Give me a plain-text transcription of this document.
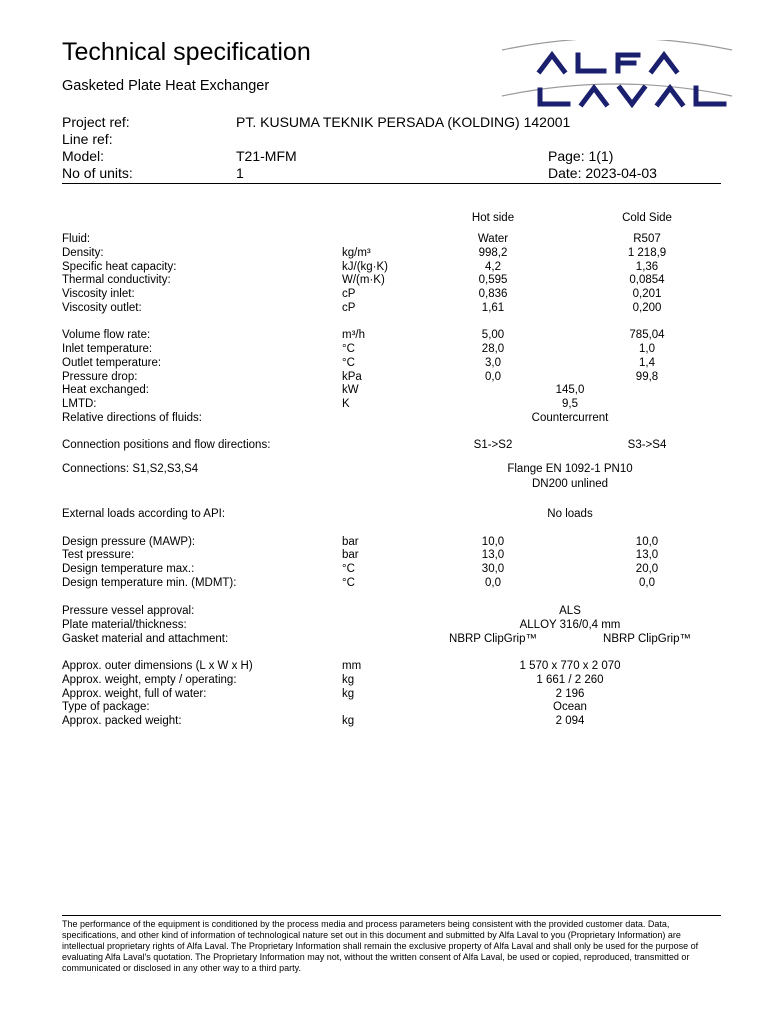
Technical specification
Gasketed Plate Heat Exchanger
Project ref:	PT. KUSUMA TEKNIK PERSADA (KOLDING) 142001
Line ref:
Model:	T21-MFM	Page: 1(1)
No of units:	1	Date: 2023-04-03
Hot side	Cold Side
Fluid:	Water	R507
Density:	kg/m³	998,2	1 218,9
Specific heat capacity:	kJ/(kg·K)	4,2	1,36
Thermal conductivity:	W/(m·K)	0,595	0,0854
Viscosity inlet:	cP	0,836	0,201
Viscosity outlet:	cP	1,61	0,200
Volume flow rate:	m³/h	5,00	785,04
Inlet temperature:	°C	28,0	1,0
Outlet temperature:	°C	3,0	1,4
Pressure drop:	kPa	0,0	99,8
Heat exchanged:	kW	145,0
LMTD:	K	9,5
Relative directions of fluids:	Countercurrent
Connection positions and flow directions:	S1->S2	S3->S4
Connections: S1,S2,S3,S4	Flange EN 1092-1 PN10
DN200 unlined
External loads according to API:	No loads
Design pressure (MAWP):	bar	10,0	10,0
Test pressure:	bar	13,0	13,0
Design temperature max.:	°C	30,0	20,0
Design temperature min. (MDMT):	°C	0,0	0,0
Pressure vessel approval:	ALS
Plate material/thickness:	ALLOY 316/0,4 mm
Gasket material and attachment:	NBRP ClipGrip™	NBRP ClipGrip™
Approx. outer dimensions (L x W x H)	mm	1 570 x 770 x 2 070
Approx. weight, empty / operating:	kg	1 661 / 2 260
Approx. weight, full of water:	kg	2 196
Type of package:	Ocean
Approx. packed weight:	kg	2 094
The performance of the equipment is conditioned by the process media and process parameters being consistent with the provided customer data. Data, specifications, and other kind of information of technological nature set out in this document and submitted by Alfa Laval to you (Proprietary Information) are intellectual proprietary rights of Alfa Laval. The Proprietary Information shall remain the exclusive property of Alfa Laval and shall only be used for the purpose of evaluating Alfa Laval's quotation. The Proprietary Information may not, without the written consent of Alfa Laval, be used or copied, reproduced, transmitted or communicated or disclosed in any other way to a third party.
